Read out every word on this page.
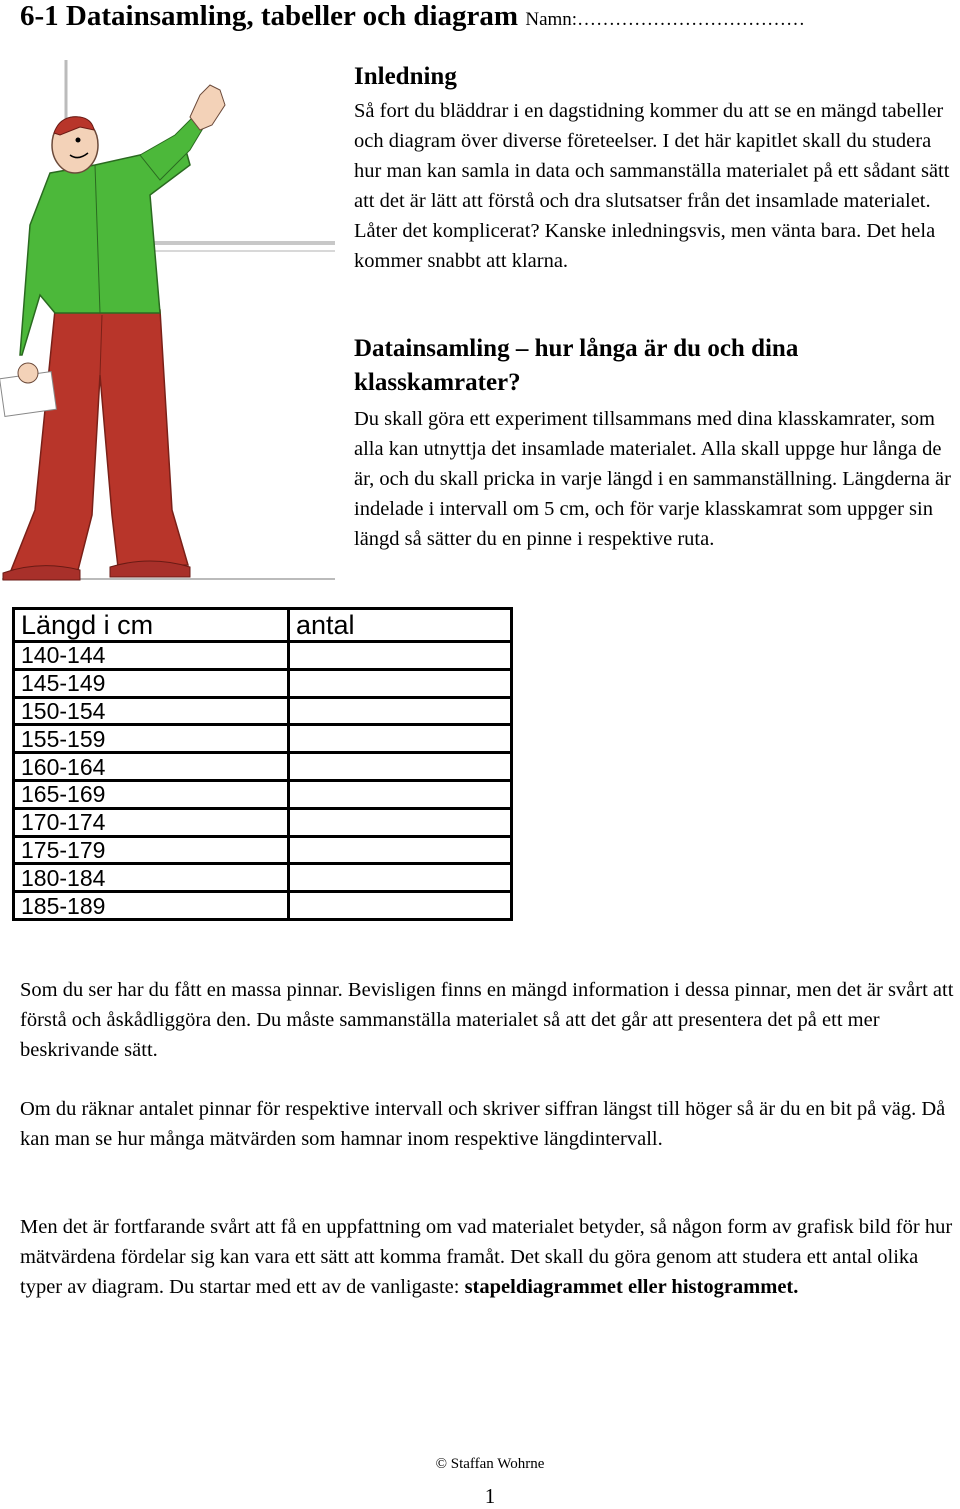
6-1 Datainsamling, tabeller och diagram Namn:………………………………
Inledning

Så fort du bläddrar i en dagstidning kommer du att se en mängd tabeller och diagram över diverse företeelser. I det här kapitlet skall du studera hur man kan samla in data och sammanställa materialet på ett sådant sätt att det är lätt att förstå och dra slutsatser från det insamlade materialet. Låter det komplicerat? Kanske inledningsvis, men vänta bara. Det hela kommer snabbt att klarna.

Datainsamling – hur långa är du och dina klasskamrater?

Du skall göra ett experiment tillsammans med dina klasskamrater, som alla kan utnyttja det insamlade materialet. Alla skall uppge hur långa de är, och du skall pricka in varje längd i en sammanställning. Längderna är indelade i intervall om 5 cm, och för varje klasskamrat som uppger sin längd så sätter du en pinne i respektive ruta.

Längd i cm	antal
140-144	
145-149	
150-154	
155-159	
160-164	
165-169	
170-174	
175-179	
180-184	
185-189	

Som du ser har du fått en massa pinnar. Bevisligen finns en mängd information i dessa pinnar, men det är svårt att förstå och åskådliggöra den. Du måste sammanställa materialet så att det går att presentera det på ett mer beskrivande sätt.

Om du räknar antalet pinnar för respektive intervall och skriver siffran längst till höger så är du en bit på väg. Då kan man se hur många mätvärden som hamnar inom respektive längdintervall.

Men det är fortfarande svårt att få en uppfattning om vad materialet betyder, så någon form av grafisk bild för hur mätvärdena fördelar sig kan vara ett sätt att komma framåt. Det skall du göra genom att studera ett antal olika typer av diagram. Du startar med ett av de vanligaste: stapeldiagrammet eller histogrammet.

© Staffan Wohrne
1
